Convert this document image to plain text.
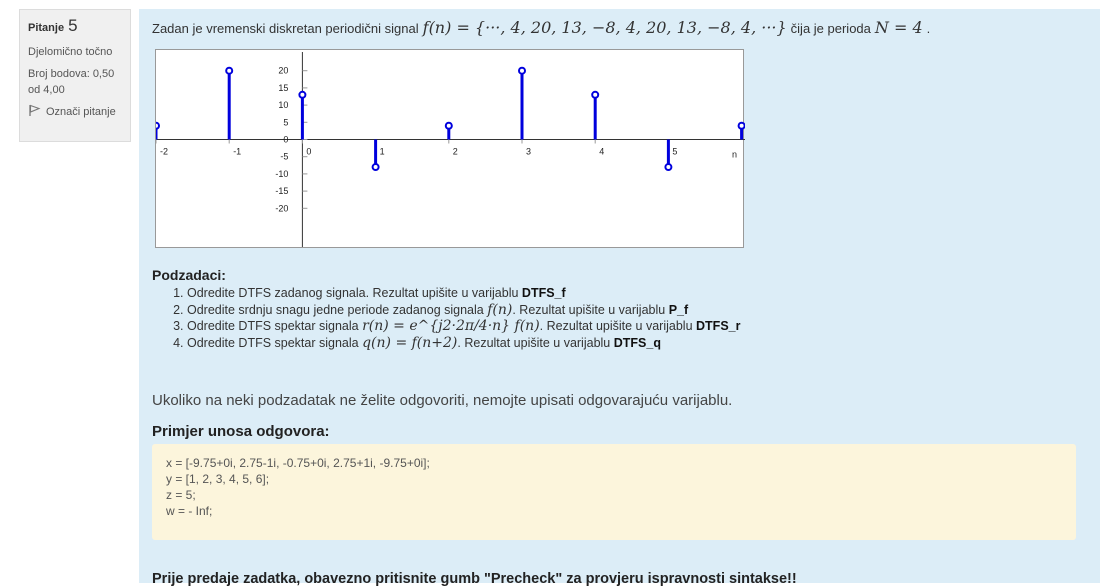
Pitanje 5
Djelomično točno
Broj bodova: 0,50
od 4,00
Označi pitanje
Zadan je vremenski diskretan periodični signal f(n) = {···, 4, 20, 13, −8, 4, 20, 13, −8, 4, ···} čija je perioda N = 4 .
20
15
10
5
0
-5
-10
-15
-20
-2	-1	0	1	2	3	4	5	n
Podzadaci:
1. Odredite DTFS zadanog signala. Rezultat upišite u varijablu DTFS_f
2. Odredite srdnju snagu jedne periode zadanog signala f(n). Rezultat upišite u varijablu P_f
3. Odredite DTFS spektar signala r(n) = e^{j2·2π/4·n} f(n). Rezultat upišite u varijablu DTFS_r
4. Odredite DTFS spektar signala q(n) = f(n+2). Rezultat upišite u varijablu DTFS_q
Ukoliko na neki podzadatak ne želite odgovoriti, nemojte upisati odgovarajuću varijablu.
Primjer unosa odgovora:
x = [-9.75+0i, 2.75-1i, -0.75+0i, 2.75+1i, -9.75+0i];
y = [1, 2, 3, 4, 5, 6];
z = 5;
w = - Inf;
Prije predaje zadatka, obavezno pritisnite gumb "Precheck" za provjeru ispravnosti sintakse!!
